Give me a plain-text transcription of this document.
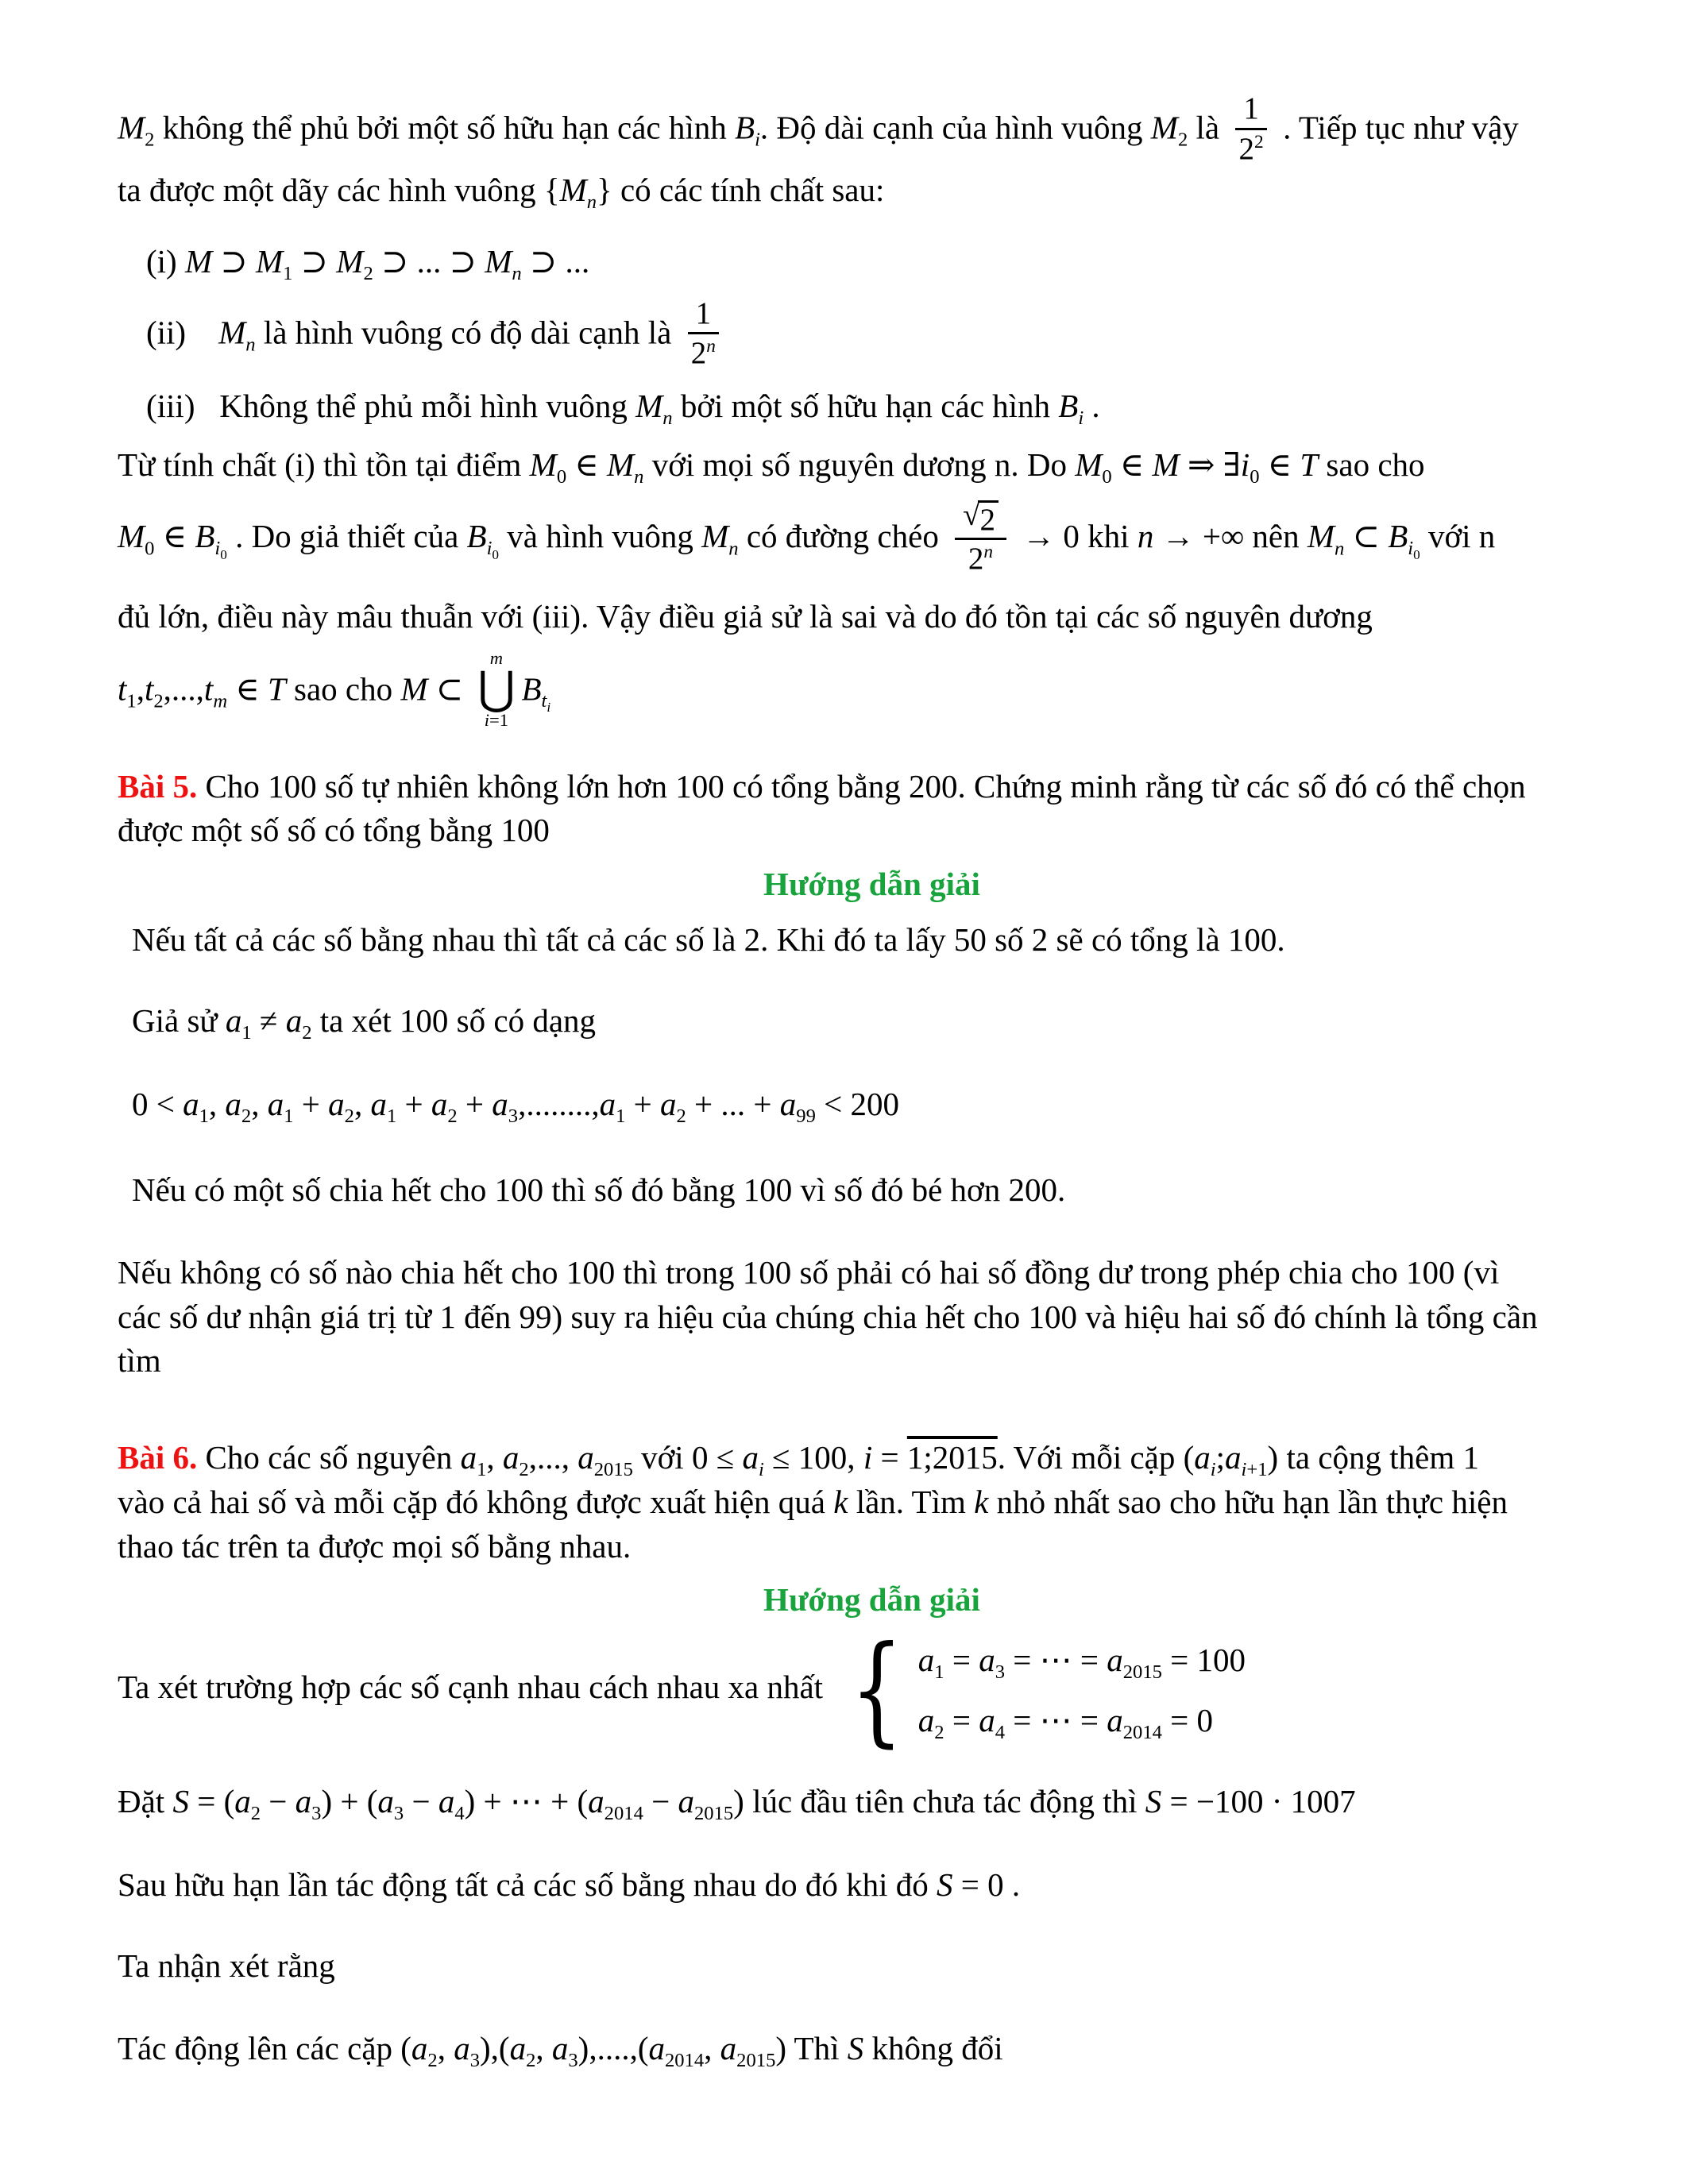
$M_2$ không thể phủ bởi một số hữu hạn các hình $B_i$. Độ dài cạnh của hình vuông $M_2$ là $\frac{1}{2^2}$ . Tiếp tục như vậy
ta được một dãy các hình vuông $\{M_n\}$ có các tính chất sau:
(i) M ⊃ $M_1$ ⊃ $M_2$ ⊃ ... ⊃ $M_n$ ⊃ ...
(ii)    $M_n$ là hình vuông có độ dài cạnh là $\frac{1}{2^n}$
(iii)   Không thể phủ mỗi hình vuông $M_n$ bởi một số hữu hạn các hình $B_i$ .
Từ tính chất (i) thì tồn tại điểm $M_0$ ∈ $M_n$ với mọi số nguyên dương n. Do $M_0$ ∈ M ⇒ $\exists i_0$ ∈ T sao cho
$M_0$ ∈ $B_{i_0}$ . Do giả thiết của $B_{i_0}$ và hình vuông $M_n$ có đường chéo $\frac{√ 2}{2^n} \to 0$ khi n → +∞ nên $M_n$ ⊂ $B_{i_0}$ với n
đủ lớn, điều này mâu thuẫn với (iii). Vậy điều giả sử là sai và do đó tồn tại các số nguyên dương
$t_1,t_2,...,t_m$ ∈ T sao cho M ⊂
m
⋃
i=1
$B_{t_i}$
Bài 5. Cho 100 số tự nhiên không lớn hơn 100 có tổng bằng 200. Chứng minh rằng từ các số đó có thể chọn
được một số số có tổng bằng 100
Hướng dẫn giải
Nếu tất cả các số bằng nhau thì tất cả các số là 2. Khi đó ta lấy 50 số 2 sẽ có tổng là 100.
Giả sử $a_1 \ne a_2$ ta xét 100 số có dạng
$0 < a_1$, $a_2$, $a_1 + a_2$, $a_1 + a_2 + a_3,........,a_1 + a_2$ + ... + $a_{99} < 200$
Nếu có một số chia hết cho 100 thì số đó bằng 100 vì số đó bé hơn 200.
Nếu không có số nào chia hết cho 100 thì trong 100 số phải có hai số đồng dư trong phép chia cho 100 (vì
các số dư nhận giá trị từ 1 đến 99) suy ra hiệu của chúng chia hết cho 100 và hiệu hai số đó chính là tổng cần
tìm
Bài 6. Cho các số nguyên $a_1$, $a_2$,..., $a_{2015}$ với $0 \le a_i \le 100$, i = 1;2015. Với mỗi cặp $(a_i;a_{i+1})$ ta cộng thêm 1
vào cả hai số và mỗi cặp đó không được xuất hiện quá k lần. Tìm k nhỏ nhất sao cho hữu hạn lần thực hiện
thao tác trên ta được mọi số bằng nhau.
Hướng dẫn giải
Ta xét trường hợp các số cạnh nhau cách nhau xa nhất { $a_1 = a_3$ = ⋯ = $a_{2015} = 100$
$a_2 = a_4$ = ⋯ = $a_{2014} = 0$
Đặt $S = (a_2 - a_3) + (a_3 - a_4)$ + ⋯ + $(a_{2014} - a_{2015})$ lúc đầu tiên chưa tác động thì S = −100 · 1007
Sau hữu hạn lần tác động tất cả các số bằng nhau do đó khi đó S = 0 .
Ta nhận xét rằng
Tác động lên các cặp ($a_2$, $a_3),(a_2$, $a_3),....,(a_{2014}$, $a_{2015}$) Thì S không đổi
